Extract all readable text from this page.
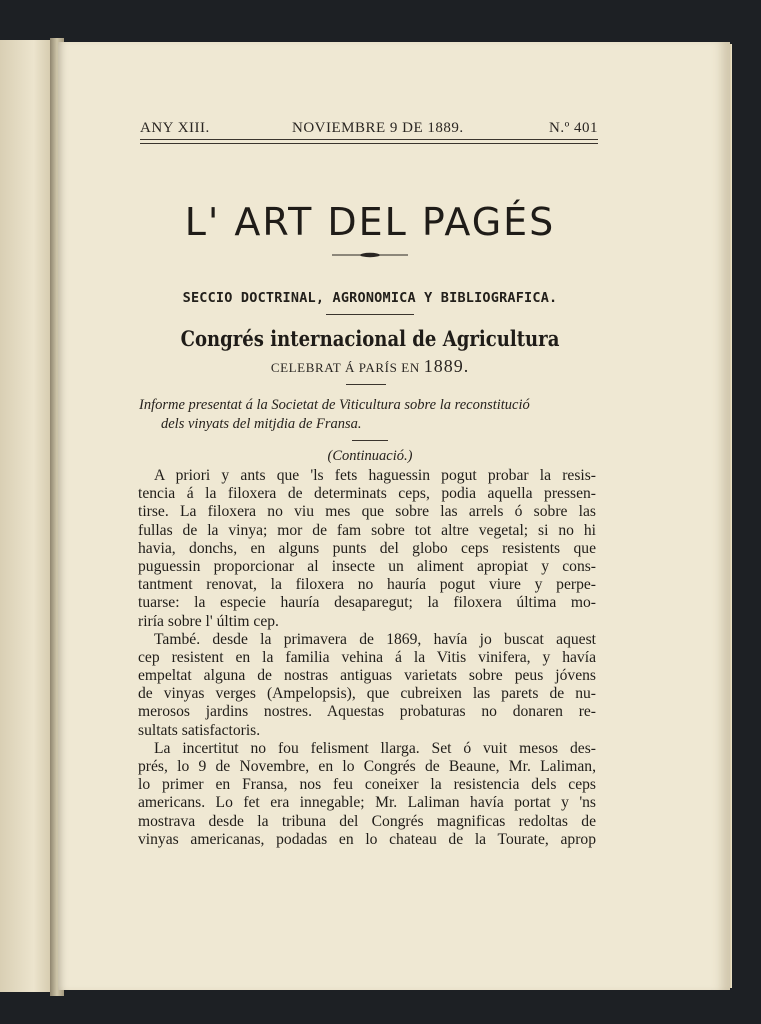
ANY XIII.	NOVIEMBRE 9 DE 1889.	N.º 401
L' ART DEL PAGÉS
SECCIO DOCTRINAL, AGRONOMICA Y BIBLIOGRAFICA.
Congrés internacional de Agricultura
CELEBRAT Á PARÍS EN 1889.
Informe presentat á la Societat de Viticultura sobre la reconstitució
dels vinyats del mitjdia de Fransa.
(Continuació.)
A priori y ants que 'ls fets haguessin pogut probar la resis-
tencia á la filoxera de determinats ceps, podia aquella pressen-
tirse. La filoxera no viu mes que sobre las arrels ó sobre las
fullas de la vinya; mor de fam sobre tot altre vegetal; si no hi
havia, donchs, en alguns punts del globo ceps resistents que
puguessin proporcionar al insecte un aliment apropiat y cons-
tantment renovat, la filoxera no hauría pogut viure y perpe-
tuarse: la especie hauría desaparegut; la filoxera última mo-
riría sobre l' últim cep.
També. desde la primavera de 1869, havía jo buscat aquest
cep resistent en la familia vehina á la Vitis vinifera, y havía
empeltat alguna de nostras antiguas varietats sobre peus jóvens
de vinyas verges (Ampelopsis), que cubreixen las parets de nu-
merosos jardins nostres. Aquestas probaturas no donaren re-
sultats satisfactoris.
La incertitut no fou felisment llarga. Set ó vuit mesos des-
prés, lo 9 de Novembre, en lo Congrés de Beaune, Mr. Laliman,
lo primer en Fransa, nos feu coneixer la resistencia dels ceps
americans. Lo fet era innegable; Mr. Laliman havía portat y 'ns
mostrava desde la tribuna del Congrés magnificas redoltas de
vinyas americanas, podadas en lo chateau de la Tourate, aprop
